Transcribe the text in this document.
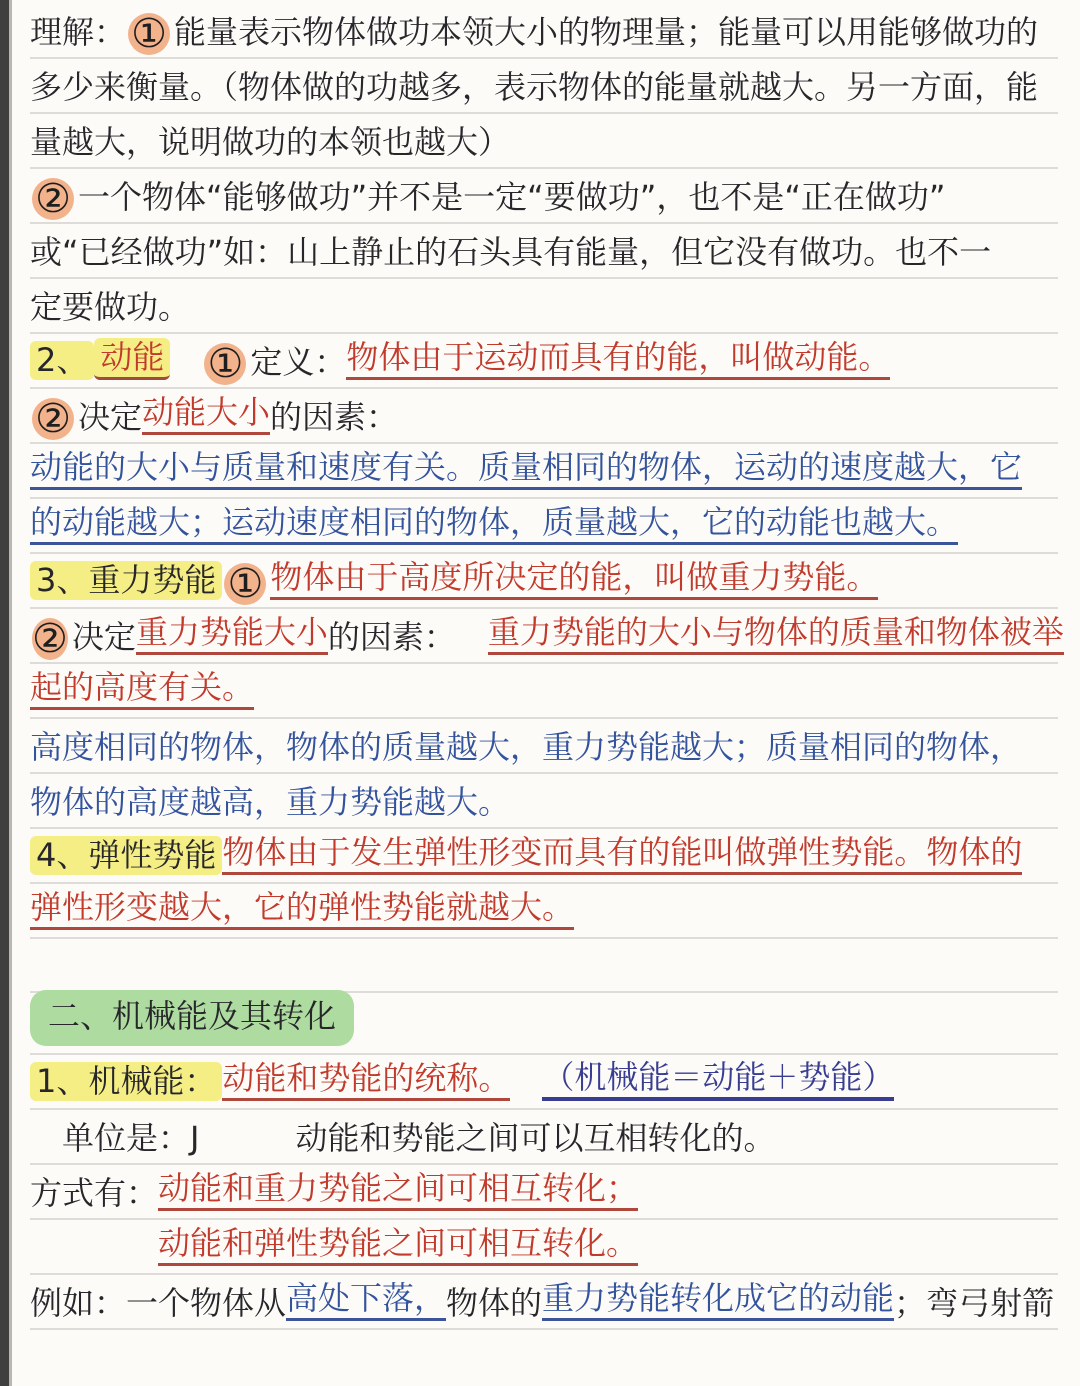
理解： ① 能量表示物体做功本领大小的物理量；能量可以用能够做功的
多少来衡量。（物体做的功越多，表示物体的能量就越大。另一方面，能
量越大，说明做功的本领也越大）
② 一个物体“能够做功”并不是一定“要做功”，也不是“正在做功”
或“已经做功”如：山上静止的石头具有能量，但它没有做功。也不一
定要做功。
2、 动能
　 ① 定义： 物体由于运动而具有的能，叫做动能。
② 决定 动能大小 的因素：
动能的大小与质量和速度有关。质量相同的物体，运动的速度越大，它
的动能越大；运动速度相同的物体，质量越大，它的动能也越大。
3、重力势能 ① 物体由于高度所决定的能，叫做重力势能。
② 决定 重力势能大小 的因素：
　 重力势能的大小与物体的质量和物体被举
起的高度有关。
高度相同的物体，物体的质量越大，重力势能越大；质量相同的物体，
物体的高度越高，重力势能越大。
4、弹性势能 物体由于发生弹性形变而具有的能叫做弹性势能。物体的
弹性形变越大，它的弹性势能就越大。
二、机械能及其转化
1、机械能： 动能和势能的统称。
　 （机械能＝动能＋势能）
　单位是：J　　　动能和势能之间可以互相转化的。
方式有： 动能和重力势能之间可相互转化；

动能和弹性势能之间可相互转化。
例如：一个物体从 高处下落， 物体的 重力势能转化成它的动能 ；弯弓射箭
